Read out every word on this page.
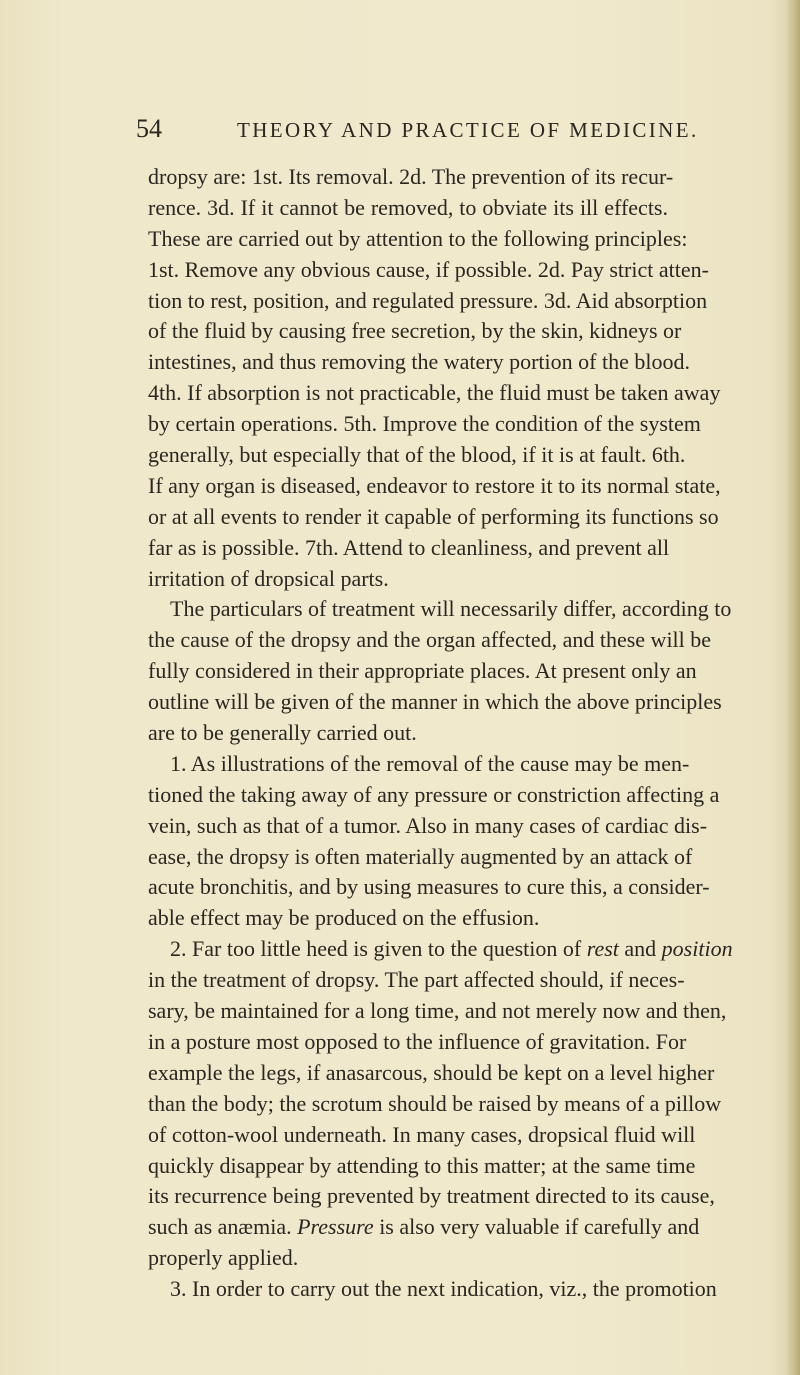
54	THEORY AND PRACTICE OF MEDICINE.
dropsy are: 1st. Its removal. 2d. The prevention of its recur-
rence. 3d. If it cannot be removed, to obviate its ill effects.
These are carried out by attention to the following principles:
1st. Remove any obvious cause, if possible. 2d. Pay strict atten-
tion to rest, position, and regulated pressure. 3d. Aid absorption
of the fluid by causing free secretion, by the skin, kidneys or
intestines, and thus removing the watery portion of the blood.
4th. If absorption is not practicable, the fluid must be taken away
by certain operations. 5th. Improve the condition of the system
generally, but especially that of the blood, if it is at fault. 6th.
If any organ is diseased, endeavor to restore it to its normal state,
or at all events to render it capable of performing its functions so
far as is possible. 7th. Attend to cleanliness, and prevent all
irritation of dropsical parts.
The particulars of treatment will necessarily differ, according to
the cause of the dropsy and the organ affected, and these will be
fully considered in their appropriate places. At present only an
outline will be given of the manner in which the above principles
are to be generally carried out.
1. As illustrations of the removal of the cause may be men-
tioned the taking away of any pressure or constriction affecting a
vein, such as that of a tumor. Also in many cases of cardiac dis-
ease, the dropsy is often materially augmented by an attack of
acute bronchitis, and by using measures to cure this, a consider-
able effect may be produced on the effusion.
2. Far too little heed is given to the question of rest and position
in the treatment of dropsy. The part affected should, if neces-
sary, be maintained for a long time, and not merely now and then,
in a posture most opposed to the influence of gravitation. For
example the legs, if anasarcous, should be kept on a level higher
than the body; the scrotum should be raised by means of a pillow
of cotton-wool underneath. In many cases, dropsical fluid will
quickly disappear by attending to this matter; at the same time
its recurrence being prevented by treatment directed to its cause,
such as anæmia. Pressure is also very valuable if carefully and
properly applied.
3. In order to carry out the next indication, viz., the promotion
